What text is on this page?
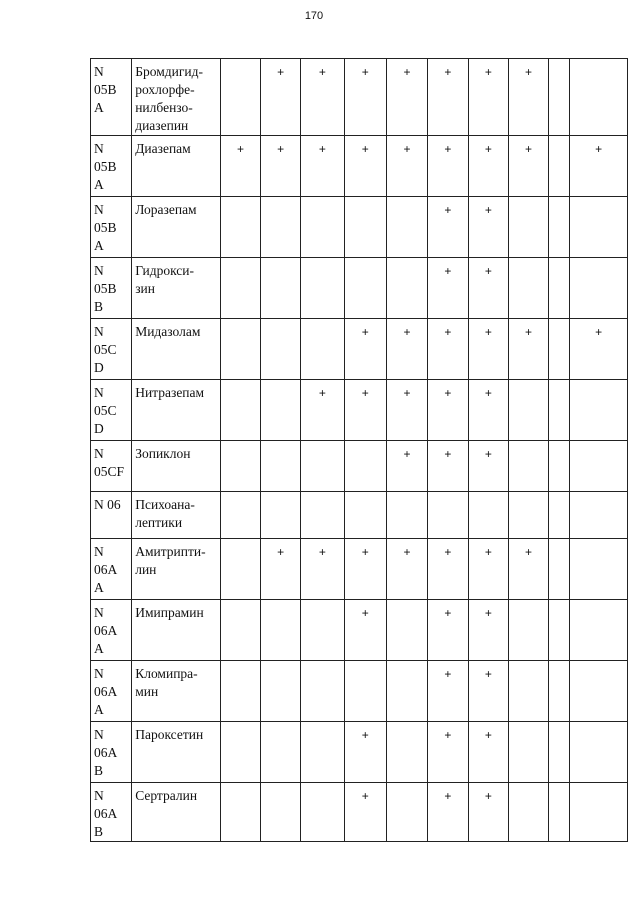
170
N
05B
A	Бромдигид-
рохлорфе-
нилбензо-
диазепин		+	+	+	+	+	+	+		

N
05B
A	Диазепам	+	+	+	+	+	+	+	+		+

N
05B
A	Лоразепам						+	+			

N
05B
B	Гидрокси-
зин						+	+			

N
05C
D	Мидазолам				+	+	+	+	+		+

N
05C
D	Нитразепам			+	+	+	+	+			

N
05CF	Зопиклон					+	+	+			

N 06	Психоана-
лептики										

N
06A
A	Амитрипти-
лин		+	+	+	+	+	+	+		

N
06A
A	Имипрамин				+		+	+			

N
06A
A	Кломипра-
мин						+	+			

N
06A
B	Пароксетин				+		+	+			

N
06A
B	Сертралин				+		+	+			
